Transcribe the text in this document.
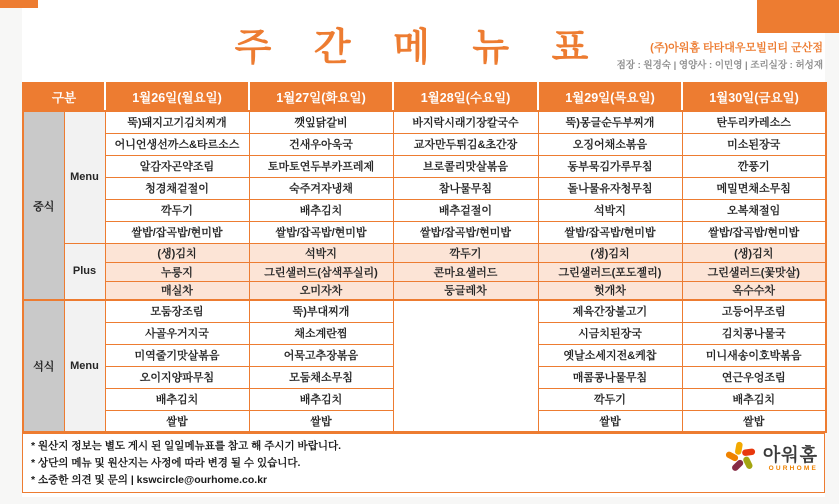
주 간 메 뉴 표	(주)아워홈 타타대우모빌리티 군산점
점장 : 원경숙 | 영양사 : 이민영 | 조리실장 : 허성재
구분		1월26일(월요일)	1월27일(화요일)	1월28일(수요일)	1월29일(목요일)	1월30일(금요일)
중식	Menu	뚝)돼지고기김치찌개	깻잎닭갈비	바지락시래기장칼국수	뚝)몽글순두부찌개	탄두리카레소스
		어니언생선까스&타르소스	건새우아욱국	교자만두튀김&초간장	오징어채소볶음	미소된장국
		알감자곤약조림	토마토연두부카프레제	브로콜리맛살볶음	동부묵김가루무침	깐풍기
		청경채겉절이	숙주겨자냉채	참나물무침	돌나물유자청무침	메밀면채소무침
		깍두기	배추김치	배추겉절이	석박지	오복채절임
		쌀밥/잡곡밥/현미밥	쌀밥/잡곡밥/현미밥	쌀밥/잡곡밥/현미밥	쌀밥/잡곡밥/현미밥	쌀밥/잡곡밥/현미밥
	Plus	(생)김치	석박지	깍두기	(생)김치	(생)김치
		누룽지	그린샐러드(삼색푸실리)	콘마요샐러드	그린샐러드(포도젤리)	그린샐러드(꽃맛살)
		매실차	오미자차	둥글레차	헛개차	옥수수차
석식	Menu	모둠장조림	뚝)부대찌개		제육간장불고기	고등어무조림
		사골우거지국	채소계란찜		시금치된장국	김치콩나물국
		미역줄기맛살볶음	어묵고추장볶음		옛날소세지전&케찹	미니새송이호박볶음
		오이지양파무침	모둠채소무침		매콤콩나물무침	연근우엉조림
		배추김치	배추김치		깍두기	배추김치
		쌀밥	쌀밥		쌀밥	쌀밥
* 원산지 정보는 별도 게시 된 일일메뉴표를 참고 해 주시기 바랍니다.
* 상단의 메뉴 및 원산지는 사정에 따라 변경 될 수 있습니다.
* 소중한 의견 및 문의 | kswcircle@ourhome.co.kr
아워홈
OURHOME
